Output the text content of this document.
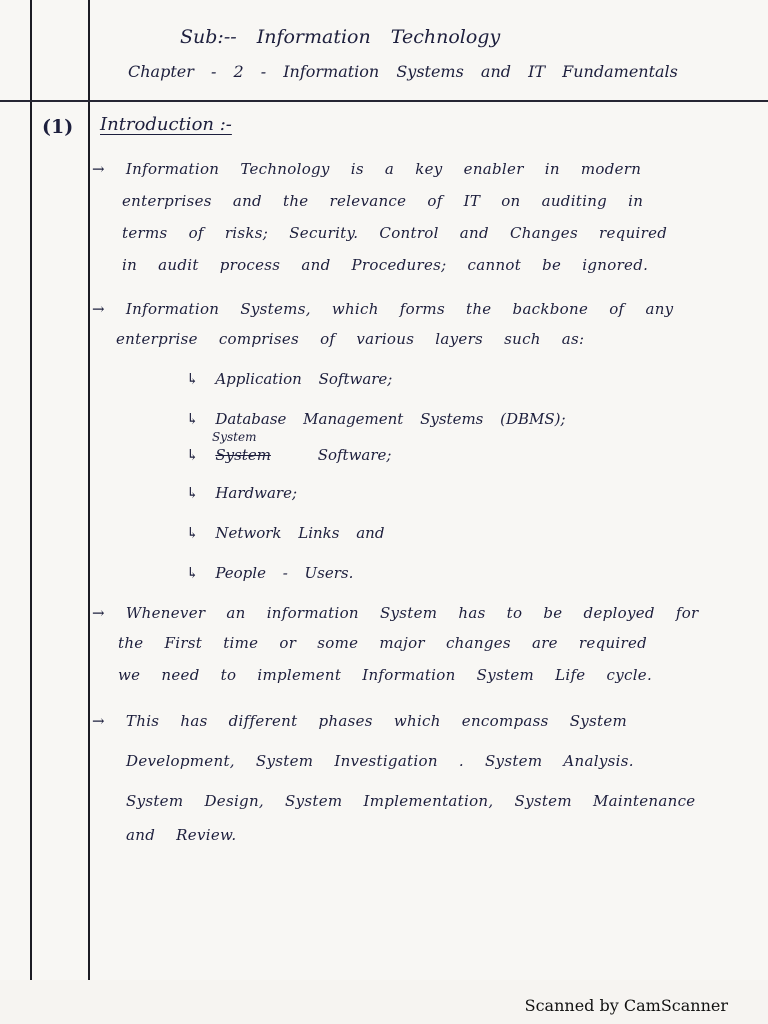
Sub:-- Information Technology
Chapter - 2 - Information Systems and IT Fundamentals
(1) Introduction :-
→ Information Technology is a key enabler in modern
enterprises and the relevance of IT on auditing in
terms of risks; Security. Control and Changes required
in audit process and Procedures; cannot be ignored.
→ Information Systems, which forms the backbone of any
enterprise comprises of various layers such as:
↳ Application Software;
↳ Database Management Systems (DBMS);
System
↳ System	Software;
↳ Hardware;
↳ Network Links and
↳ People - Users.
→ Whenever an information System has to be deployed for
the First time or some major changes are required
we need to implement Information System Life cycle.
→ This has different phases which encompass System
Development, System Investigation . System Analysis.
System Design, System Implementation, System Maintenance
and Review.
Scanned by CamScanner
